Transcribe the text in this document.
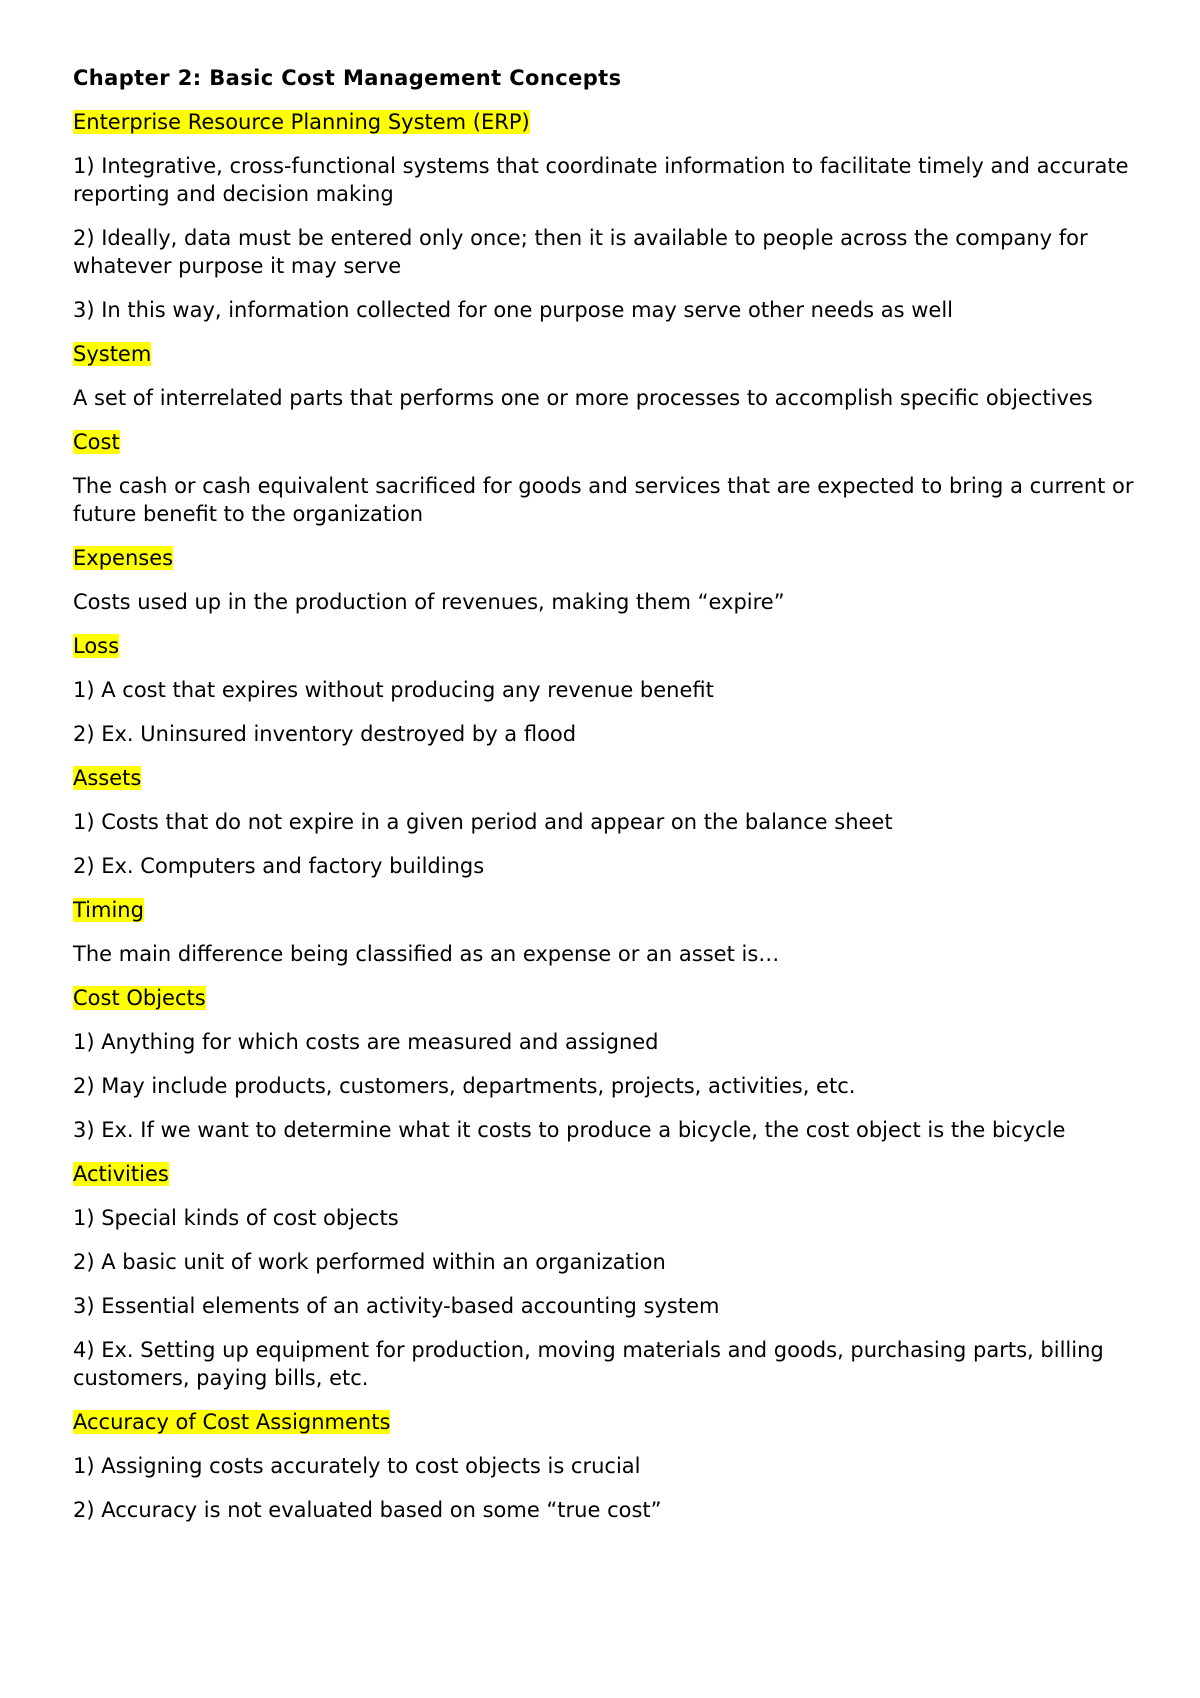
Chapter 2: Basic Cost Management Concepts
Enterprise Resource Planning System (ERP)
1) Integrative, cross-functional systems that coordinate information to facilitate timely and accurate reporting and decision making
2) Ideally, data must be entered only once; then it is available to people across the company for whatever purpose it may serve
3) In this way, information collected for one purpose may serve other needs as well
System
A set of interrelated parts that performs one or more processes to accomplish specific objectives
Cost
The cash or cash equivalent sacrificed for goods and services that are expected to bring a current or future benefit to the organization
Expenses
Costs used up in the production of revenues, making them “expire”
Loss
1) A cost that expires without producing any revenue benefit
2) Ex. Uninsured inventory destroyed by a flood
Assets
1) Costs that do not expire in a given period and appear on the balance sheet
2) Ex. Computers and factory buildings
Timing
The main difference being classified as an expense or an asset is…
Cost Objects
1) Anything for which costs are measured and assigned
2) May include products, customers, departments, projects, activities, etc.
3) Ex. If we want to determine what it costs to produce a bicycle, the cost object is the bicycle
Activities
1) Special kinds of cost objects
2) A basic unit of work performed within an organization
3) Essential elements of an activity-based accounting system
4) Ex. Setting up equipment for production, moving materials and goods, purchasing parts, billing customers, paying bills, etc.
Accuracy of Cost Assignments
1) Assigning costs accurately to cost objects is crucial
2) Accuracy is not evaluated based on some “true cost”
